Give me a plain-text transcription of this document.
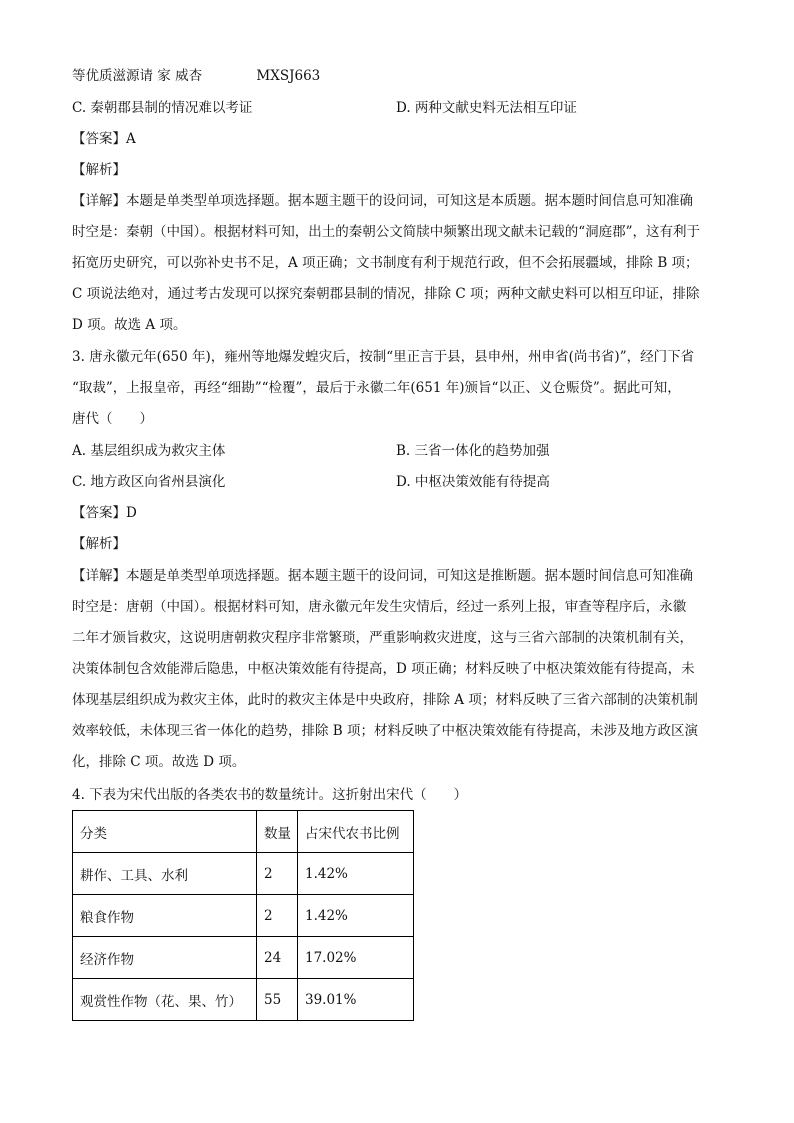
等优质滋源请 家 威杏	MXSJ663
C. 秦朝郡县制的情况难以考证	D. 两种文献史料无法相互印证
【答案】A
【解析】
【详解】本题是单类型单项选择题。据本题主题干的设问词，可知这是本质题。据本题时间信息可知准确
时空是：秦朝（中国）。根据材料可知，出土的秦朝公文简牍中频繁出现文献未记载的“洞庭郡”，这有利于
拓宽历史研究，可以弥补史书不足，A 项正确；文书制度有利于规范行政，但不会拓展疆域，排除 B 项；
C 项说法绝对，通过考古发现可以探究秦朝郡县制的情况，排除 C 项；两种文献史料可以相互印证，排除
D 项。故选 A 项。
3. 唐永徽元年(650 年)，雍州等地爆发蝗灾后，按制“里正言于县，县申州，州申省(尚书省)”，经门下省
“取裁”，上报皇帝，再经“细勘”“检覆”，最后于永徽二年(651 年)颁旨“以正、义仓赈贷”。据此可知，
唐代（　　）
A. 基层组织成为救灾主体	B. 三省一体化的趋势加强
C. 地方政区向省州县演化	D. 中枢决策效能有待提高
【答案】D
【解析】
【详解】本题是单类型单项选择题。据本题主题干的设问词，可知这是推断题。据本题时间信息可知准确
时空是：唐朝（中国）。根据材料可知，唐永徽元年发生灾情后，经过一系列上报，审查等程序后，永徽
二年才颁旨救灾，这说明唐朝救灾程序非常繁琐，严重影响救灾进度，这与三省六部制的决策机制有关，
决策体制包含效能滞后隐患，中枢决策效能有待提高，D 项正确；材料反映了中枢决策效能有待提高，未
体现基层组织成为救灾主体，此时的救灾主体是中央政府，排除 A 项；材料反映了三省六部制的决策机制
效率较低，未体现三省一体化的趋势，排除 B 项；材料反映了中枢决策效能有待提高，未涉及地方政区演
化，排除 C 项。故选 D 项。
4. 下表为宋代出版的各类农书的数量统计。这折射出宋代（　　）
分类	数量	占宋代农书比例
耕作、工具、水利	2	1.42%
粮食作物	2	1.42%
经济作物	24	17.02%
观赏性作物（花、果、竹）	55	39.01%
